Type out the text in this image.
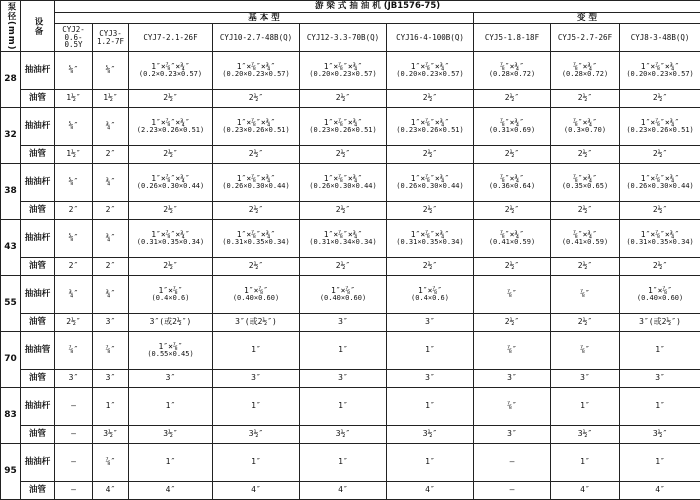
泵径(mm)	设备	游 梁 式 抽 油 机 (JB1576-75)								
		基 本 型						变 型		
		CYJ2-0.6-0.5Y	CYJ3-1.2-7F	CYJ7-2.1-26F	CYJ10-2.7-48B(Q)	CYJ12-3.3-70B(Q)	CYJ16-4-100B(Q)	CYJ5-1.8-18F	CYJ5-2.7-26F	CYJ8-3-48B(Q)
28	抽油杆	⅝″	⅝″	1″×⅞″×¾″
(0.2×0.23×0.57)	1″×⅞″×¾″
(0.20×0.23×0.57)	1″×⅞″×¾″
(0.20×0.23×0.57)	1″×⅞″×¾″
(0.20×0.23×0.57)	⅞″×¾″
(0.28×0.72)	⅞″×¾″
(0.28×0.72)	1″×⅞″×¾″
(0.20×0.23×0.57)

	油管	1½″	1½″	2½″	2½″	2½″	2½″	2½″	2½″	2½″

32	抽油杆	⅝″	¾″	1″×⅞″×¾″
(2.23×0.26×0.51)	1″×⅞″×¾″
(0.23×0.26×0.51)	1″×⅞″×¾″
(0.23×0.26×0.51)	1″×⅞″×¾″
(0.23×0.26×0.51)	⅞″×¾″
(0.31×0.69)	⅞″×¾″
(0.3×0.70)	1″×⅞″×¾″
(0.23×0.26×0.51)

	油管	1½″	2″	2½″	2½″	2½″	2½″	2½″	2½″	2½″

38	抽油杆	⅝″	¾″	1″×⅞″×¾″
(0.26×0.30×0.44)	1″×⅞″×¾″
(0.26×0.30×0.44)	1″×⅞″×¾″
(0.26×0.30×0.44)	1″×⅞″×¾″
(0.26×0.30×0.44)	⅞″×¾″
(0.36×0.64)	⅞″×¾″
(0.35×0.65)	1″×⅞″×¾″
(0.26×0.30×0.44)

	油管	2″	2″	2½″	2½″	2½″	2½″	2½″	2½″	2½″

43	抽油杆	⅝″	¾″	1″×⅞″×¾″
(0.31×0.35×0.34)	1″×⅞″×¾″
(0.31×0.35×0.34)	1″×⅞″×¾″
(0.31×0.34×0.34)	1″×⅞″×¾″
(0.31×0.35×0.34)	⅞″×¾″
(0.41×0.59)	⅞″×¾″
(0.41×0.59)	1″×⅞″×¾″
(0.31×0.35×0.34)

	油管	2″	2″	2½″	2½″	2½″	2½″	2½″	2½″	2½″

55	抽油杆	¾″	¾″	1″×⅞″
(0.4×0.6)	1″×⅞″
(0.40×0.60)	1″×⅞″
(0.40×0.60)	1″×⅞″
(0.4×0.6)	⅞″	⅞″	1″×⅞″
(0.40×0.60)

	油管	2½″	3″	3″(或2½″)	3″(或2½″)	3″	3″	2½″	2½″	3″(或2½″)

70	抽油管	⅞″	⅞″	1″×⅞″
(0.55×0.45)	1″	1″	1″	⅞″	⅞″	1″

	油管	3″	3″	3″	3″	3″	3″	3″	3″	3″

83	抽油杆	—	1″	1″	1″	1″	1″	⅞″	1″	1″

	油管	—	3½″	3½″	3½″	3½″	3½″	3″	3½″	3½″

95	抽油杆	—	⅞″	1″	1″	1″	1″	—	1″	1″

	油管	—	4″	4″	4″	4″	4″	—	4″	4″
